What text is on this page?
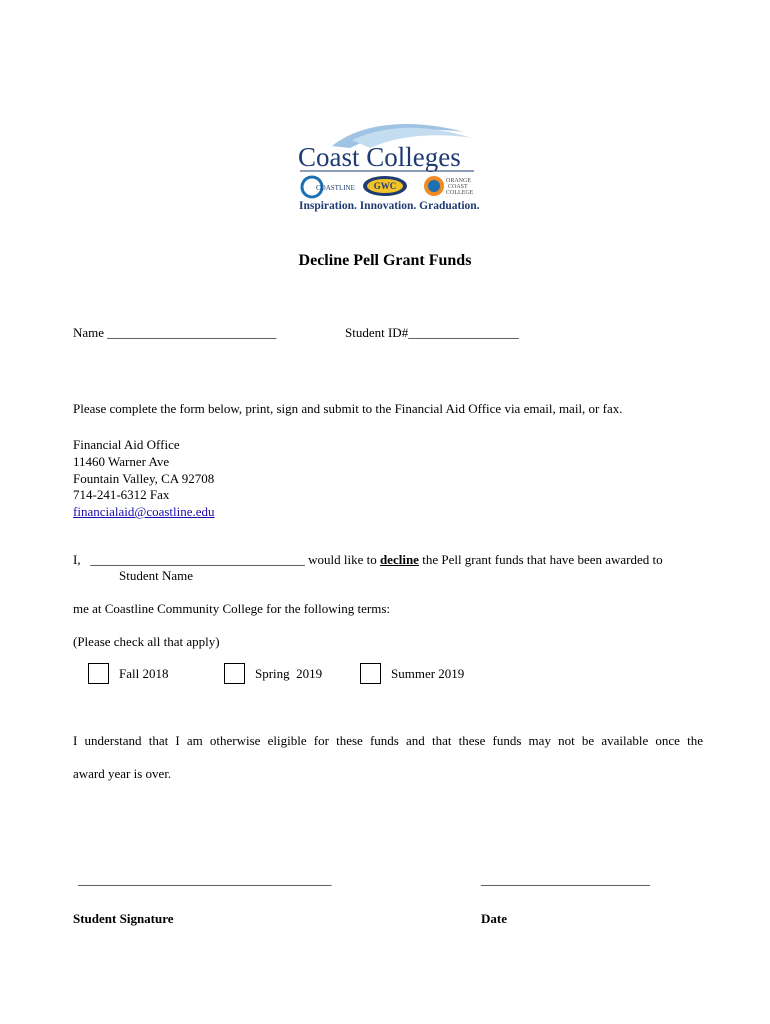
Coast Colleges
COASTLINE GWC	ORANGE
COAST
COLLEGE
Inspiration. Innovation. Graduation.
Decline Pell Grant Funds
Name __________________________	Student ID#_________________
Please complete the form below, print, sign and submit to the Financial Aid Office via email, mail, or fax.
Financial Aid Office
11460 Warner Ave
Fountain Valley, CA 92708
714-241-6312 Fax
financialaid@coastline.edu
I, _________________________________ would like to decline the Pell grant funds that have been awarded to
Student Name
me at Coastline Community College for the following terms:
(Please check all that apply)
Fall 2018	Spring  2019	Summer 2019
I understand that I am otherwise eligible for these funds and that these funds may not be available once the
award year is over.
_______________________________________	__________________________
Student Signature	Date
